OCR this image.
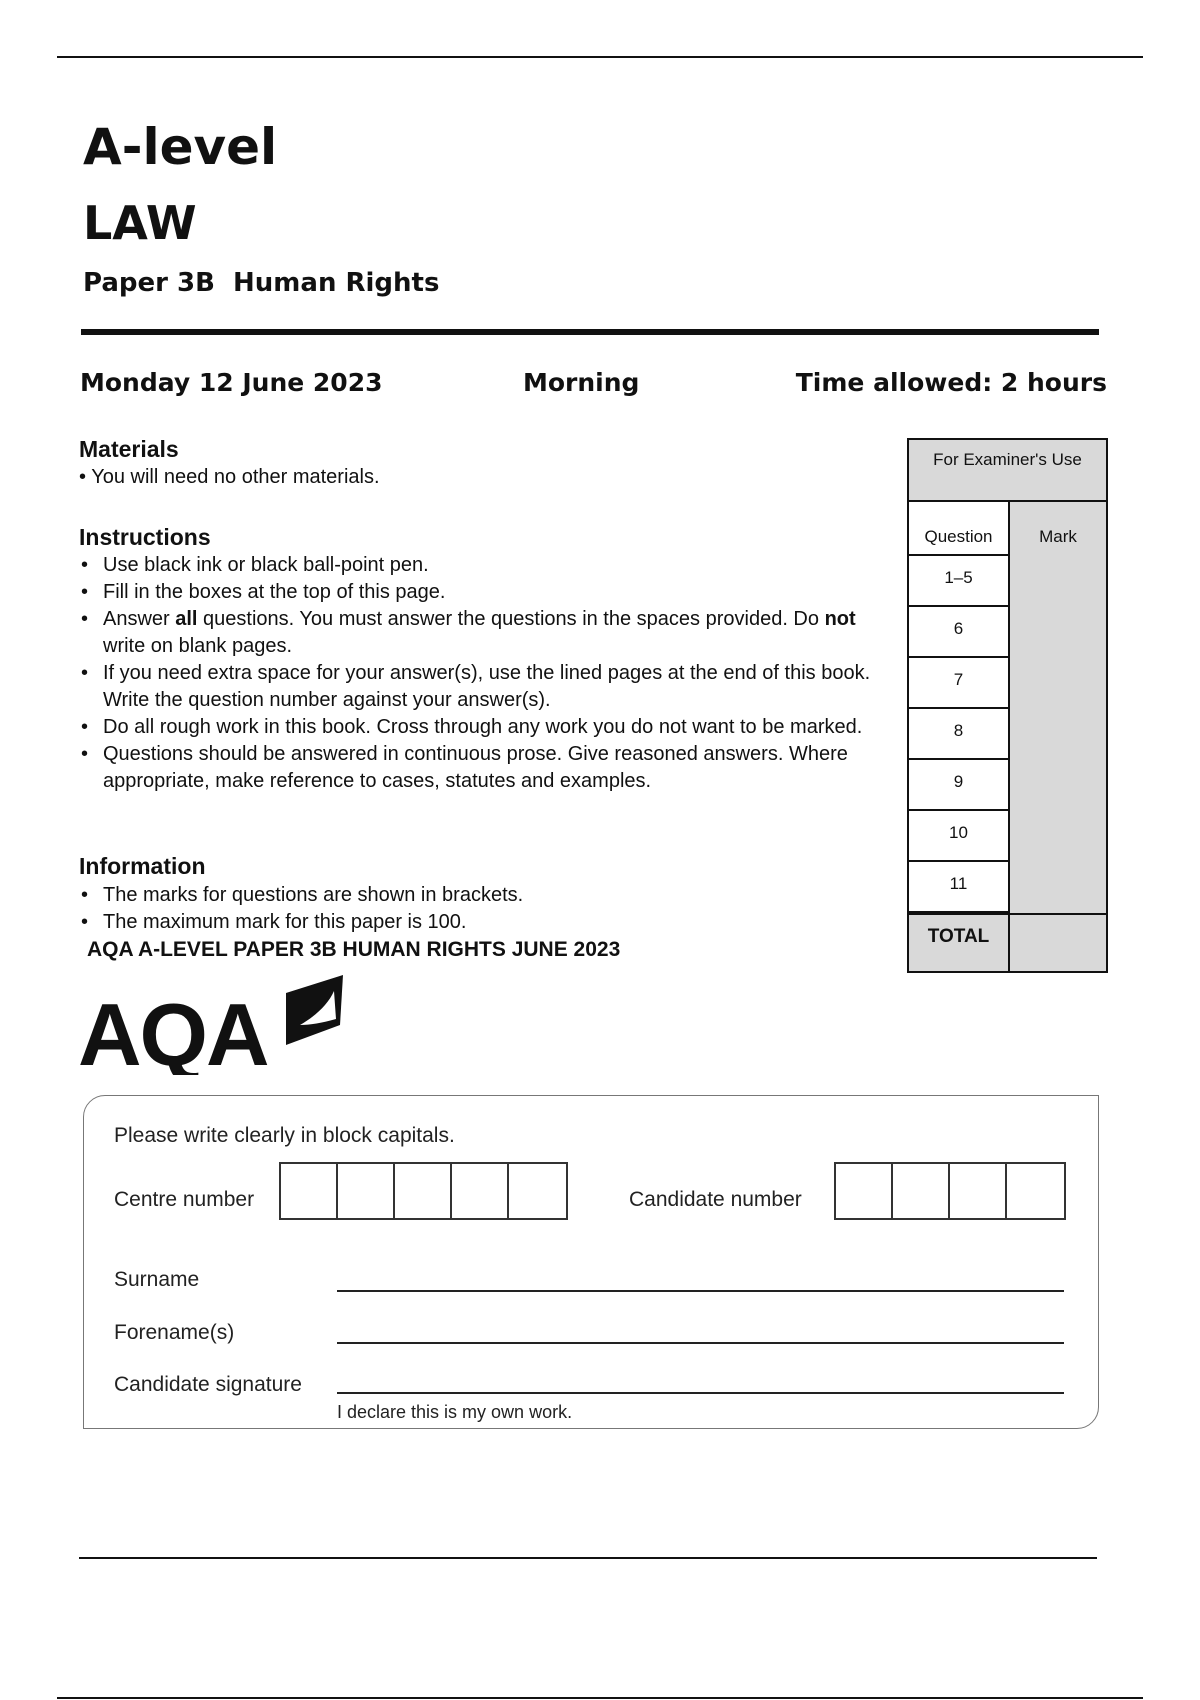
A-level
LAW
Paper 3B  Human Rights
Monday 12 June 2023	Morning	Time allowed: 2 hours
Materials
• You will need no other materials.
Instructions
• Use black ink or black ball-point pen.
• Fill in the boxes at the top of this page.
• Answer all questions. You must answer the questions in the spaces provided. Do not write on blank pages.
• If you need extra space for your answer(s), use the lined pages at the end of this book. Write the question number against your answer(s).
• Do all rough work in this book. Cross through any work you do not want to be marked.
• Questions should be answered in continuous prose. Give reasoned answers. Where appropriate, make reference to cases, statutes and examples.
Information
• The marks for questions are shown in brackets.
• The maximum mark for this paper is 100.
AQA A-LEVEL PAPER 3B HUMAN RIGHTS JUNE 2023
AQA
For Examiner's Use
Question	Mark
1–5
6
7
8
9
10
11
TOTAL
Please write clearly in block capitals.
Centre number	Candidate number
Surname
Forename(s)
Candidate signature
I declare this is my own work.
